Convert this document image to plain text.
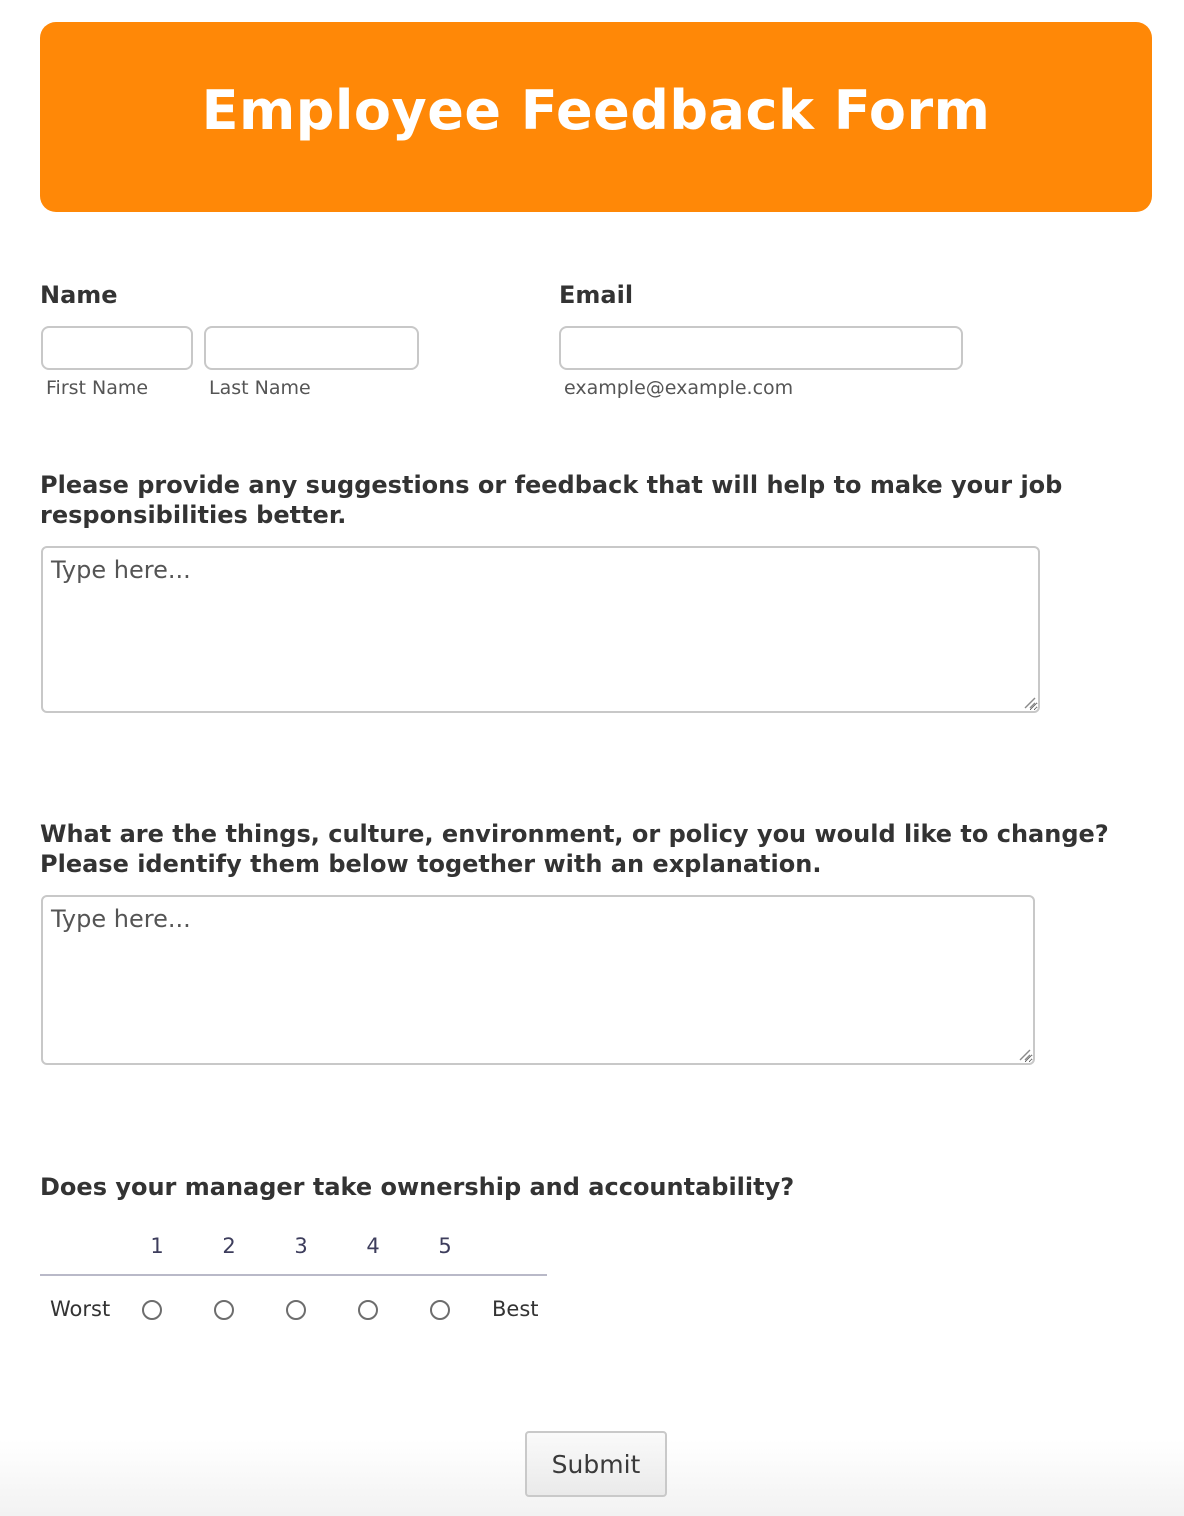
Employee Feedback Form
Name
First Name	Last Name
Email
example@example.com
Please provide any suggestions or feedback that will help to make your job responsibilities better.
Type here...
What are the things, culture, environment, or policy you would like to change? Please identify them below together with an explanation.
Type here...
Does your manager take ownership and accountability?
1	2	3	4	5
Worst	Best
Submit
